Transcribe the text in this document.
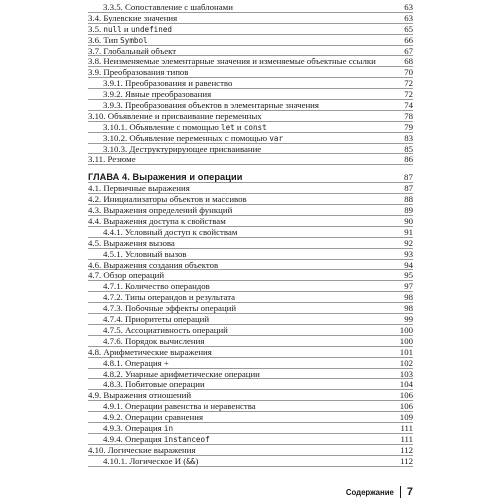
3.3.5. Сопоставление с шаблонами	63
3.4. Булевские значения	63
3.5. null и undefined	65
3.6. Тип Symbol	66
3.7. Глобальный объект	67
3.8. Неизменяемые элементарные значения и изменяемые объектные ссылки	68
3.9. Преобразования типов	70
3.9.1. Преобразования и равенство	72
3.9.2. Явные преобразования	72
3.9.3. Преобразования объектов в элементарные значения	74
3.10. Объявление и присваивание переменных	78
3.10.1. Объявление с помощью let и const	79
3.10.2. Объявление переменных с помощью var	83
3.10.3. Деструктурирующее присваивание	85
3.11. Резюме	86
ГЛАВА 4. Выражения и операции	87
4.1. Первичные выражения	87
4.2. Инициализаторы объектов и массивов	88
4.3. Выражения определений функций	89
4.4. Выражения доступа к свойствам	90
4.4.1. Условный доступ к свойствам	91
4.5. Выражения вызова	92
4.5.1. Условный вызов	93
4.6. Выражения создания объектов	94
4.7. Обзор операций	95
4.7.1. Количество операндов	97
4.7.2. Типы операндов и результата	98
4.7.3. Побочные эффекты операций	98
4.7.4. Приоритеты операций	99
4.7.5. Ассоциативность операций	100
4.7.6. Порядок вычисления	100
4.8. Арифметические выражения	101
4.8.1. Операция +	102
4.8.2. Унарные арифметические операции	103
4.8.3. Побитовые операции	104
4.9. Выражения отношений	106
4.9.1. Операции равенства и неравенства	106
4.9.2. Операции сравнения	109
4.9.3. Операция in	111
4.9.4. Операция instanceof	111
4.10. Логические выражения	112
4.10.1. Логическое И (&&)	112
Содержание 7
